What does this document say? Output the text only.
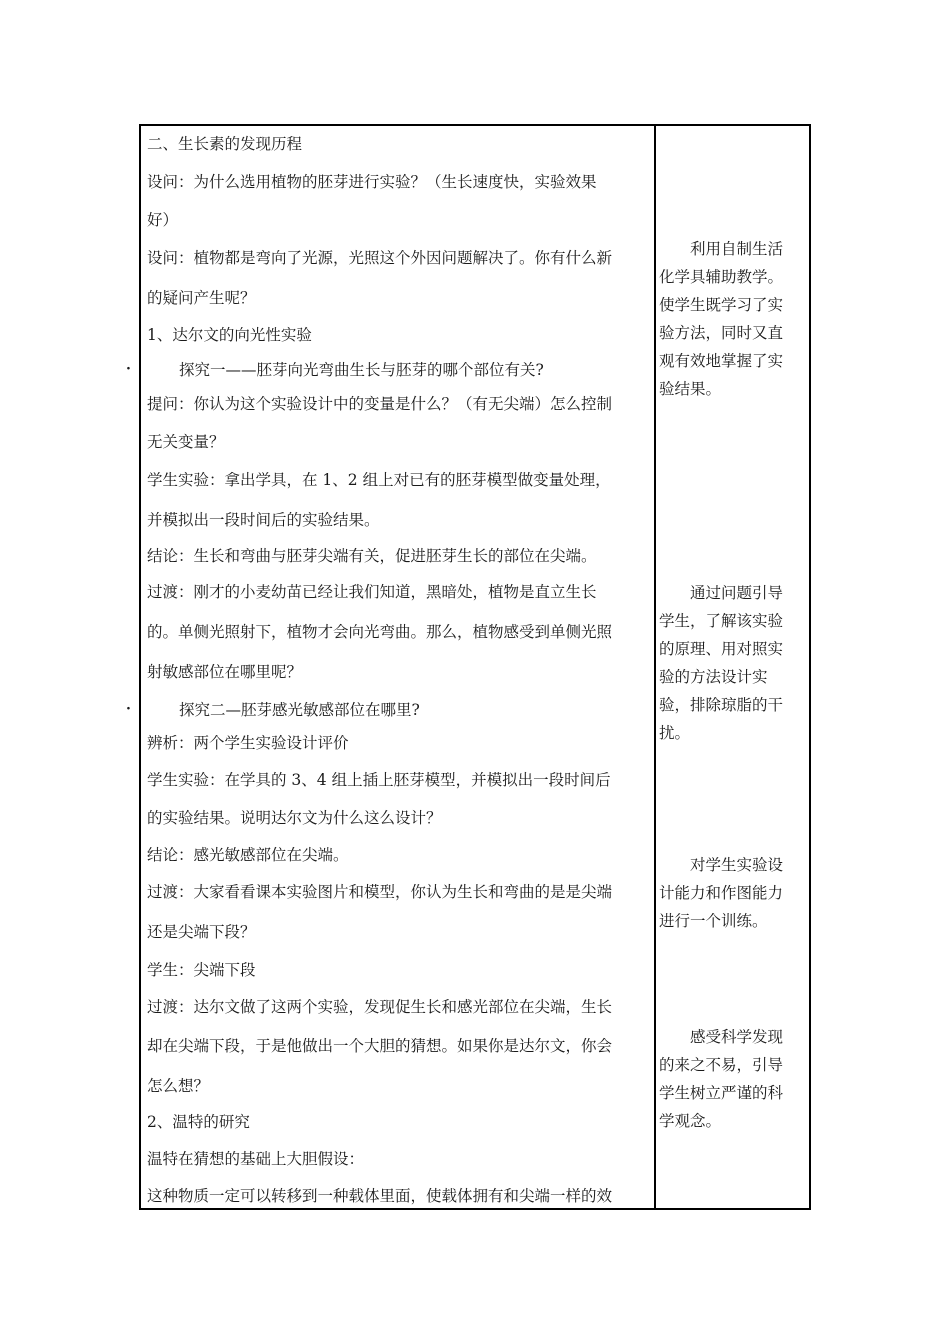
·
·
二、生长素的发现历程
设问：为什么选用植物的胚芽进行实验？（生长速度快，实验效果
好）
设问：植物都是弯向了光源，光照这个外因问题解决了。你有什么新
的疑问产生呢？
1、达尔文的向光性实验
探究一——胚芽向光弯曲生长与胚芽的哪个部位有关?
提问：你认为这个实验设计中的变量是什么？（有无尖端）怎么控制
无关变量？
学生实验：拿出学具，在 1、2 组上对已有的胚芽模型做变量处理，
并模拟出一段时间后的实验结果。
结论：生长和弯曲与胚芽尖端有关，促进胚芽生长的部位在尖端。
过渡：刚才的小麦幼苗已经让我们知道，黑暗处，植物是直立生长
的。单侧光照射下，植物才会向光弯曲。那么，植物感受到单侧光照
射敏感部位在哪里呢？
探究二—胚芽感光敏感部位在哪里?
辨析：两个学生实验设计评价
学生实验：在学具的 3、4 组上插上胚芽模型，并模拟出一段时间后
的实验结果。说明达尔文为什么这么设计？
结论：感光敏感部位在尖端。
过渡：大家看看课本实验图片和模型，你认为生长和弯曲的是是尖端
还是尖端下段？
学生：尖端下段
过渡：达尔文做了这两个实验，发现促生长和感光部位在尖端，生长
却在尖端下段，于是他做出一个大胆的猜想。如果你是达尔文，你会
怎么想？
2、温特的研究
温特在猜想的基础上大胆假设：
这种物质一定可以转移到一种载体里面，使载体拥有和尖端一样的效
　　利用自制生活
化学具辅助教学。
使学生既学习了实
验方法，同时又直
观有效地掌握了实
验结果。
　　通过问题引导
学生，了解该实验
的原理、用对照实
验的方法设计实
验，排除琼脂的干
扰。
　　对学生实验设
计能力和作图能力
进行一个训练。
　　感受科学发现
的来之不易，引导
学生树立严谨的科
学观念。
